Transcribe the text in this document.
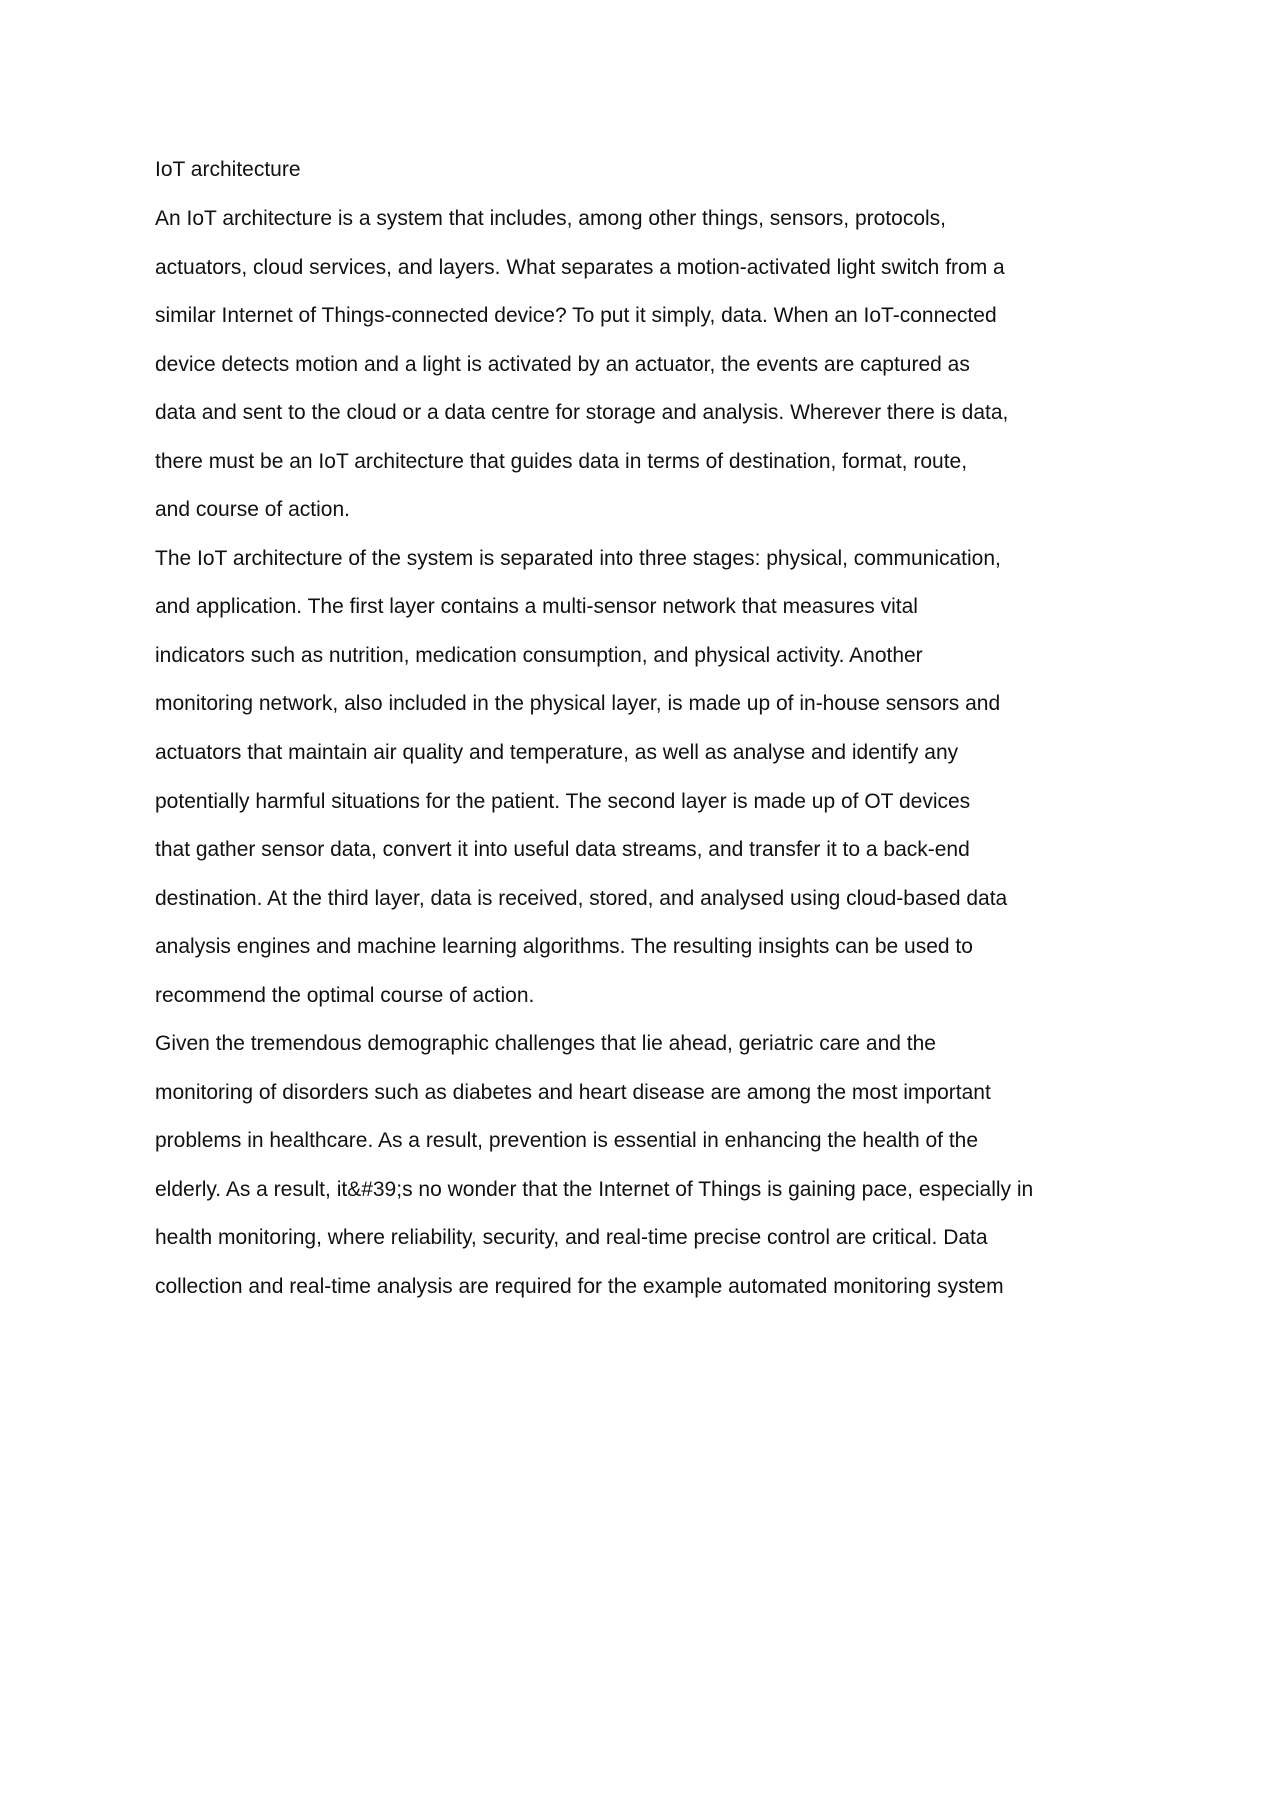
IoT architecture
An IoT architecture is a system that includes, among other things, sensors, protocols,
actuators, cloud services, and layers. What separates a motion-activated light switch from a
similar Internet of Things-connected device? To put it simply, data. When an IoT-connected
device detects motion and a light is activated by an actuator, the events are captured as
data and sent to the cloud or a data centre for storage and analysis. Wherever there is data,
there must be an IoT architecture that guides data in terms of destination, format, route,
and course of action.
The IoT architecture of the system is separated into three stages: physical, communication,
and application. The first layer contains a multi-sensor network that measures vital
indicators such as nutrition, medication consumption, and physical activity. Another
monitoring network, also included in the physical layer, is made up of in-house sensors and
actuators that maintain air quality and temperature, as well as analyse and identify any
potentially harmful situations for the patient. The second layer is made up of OT devices
that gather sensor data, convert it into useful data streams, and transfer it to a back-end
destination. At the third layer, data is received, stored, and analysed using cloud-based data
analysis engines and machine learning algorithms. The resulting insights can be used to
recommend the optimal course of action.
Given the tremendous demographic challenges that lie ahead, geriatric care and the
monitoring of disorders such as diabetes and heart disease are among the most important
problems in healthcare. As a result, prevention is essential in enhancing the health of the
elderly. As a result, it&#39;s no wonder that the Internet of Things is gaining pace, especially in
health monitoring, where reliability, security, and real-time precise control are critical. Data
collection and real-time analysis are required for the example automated monitoring system
